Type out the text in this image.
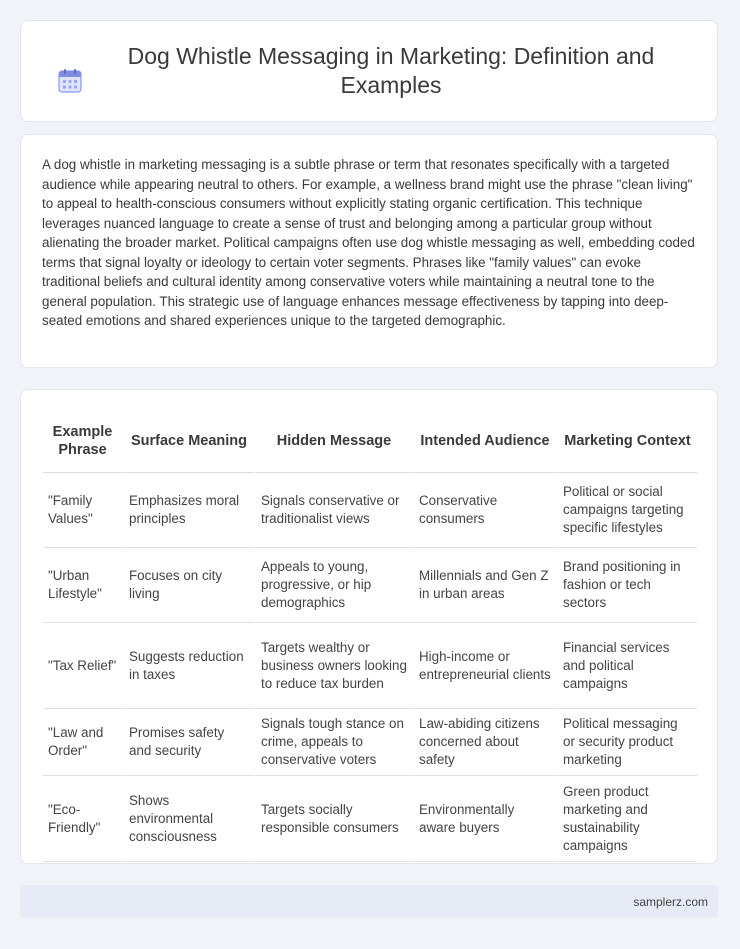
Dog Whistle Messaging in Marketing: Definition and Examples

A dog whistle in marketing messaging is a subtle phrase or term that resonates specifically with a targeted audience while appearing neutral to others. For example, a wellness brand might use the phrase "clean living" to appeal to health-conscious consumers without explicitly stating organic certification. This technique leverages nuanced language to create a sense of trust and belonging among a particular group without alienating the broader market. Political campaigns often use dog whistle messaging as well, embedding coded terms that signal loyalty or ideology to certain voter segments. Phrases like "family values" can evoke traditional beliefs and cultural identity among conservative voters while maintaining a neutral tone to the general population. This strategic use of language enhances message effectiveness by tapping into deep-seated emotions and shared experiences unique to the targeted demographic.

Example Phrase	Surface Meaning	Hidden Message	Intended Audience	Marketing Context
"Family Values"	Emphasizes moral principles	Signals conservative or traditionalist views	Conservative consumers	Political or social campaigns targeting specific lifestyles
"Urban Lifestyle"	Focuses on city living	Appeals to young, progressive, or hip demographics	Millennials and Gen Z in urban areas	Brand positioning in fashion or tech sectors
"Tax Relief"	Suggests reduction in taxes	Targets wealthy or business owners looking to reduce tax burden	High-income or entrepreneurial clients	Financial services and political campaigns
"Law and Order"	Promises safety and security	Signals tough stance on crime, appeals to conservative voters	Law-abiding citizens concerned about safety	Political messaging or security product marketing
"Eco-Friendly"	Shows environmental consciousness	Targets socially responsible consumers	Environmentally aware buyers	Green product marketing and sustainability campaigns
samplerz.com
